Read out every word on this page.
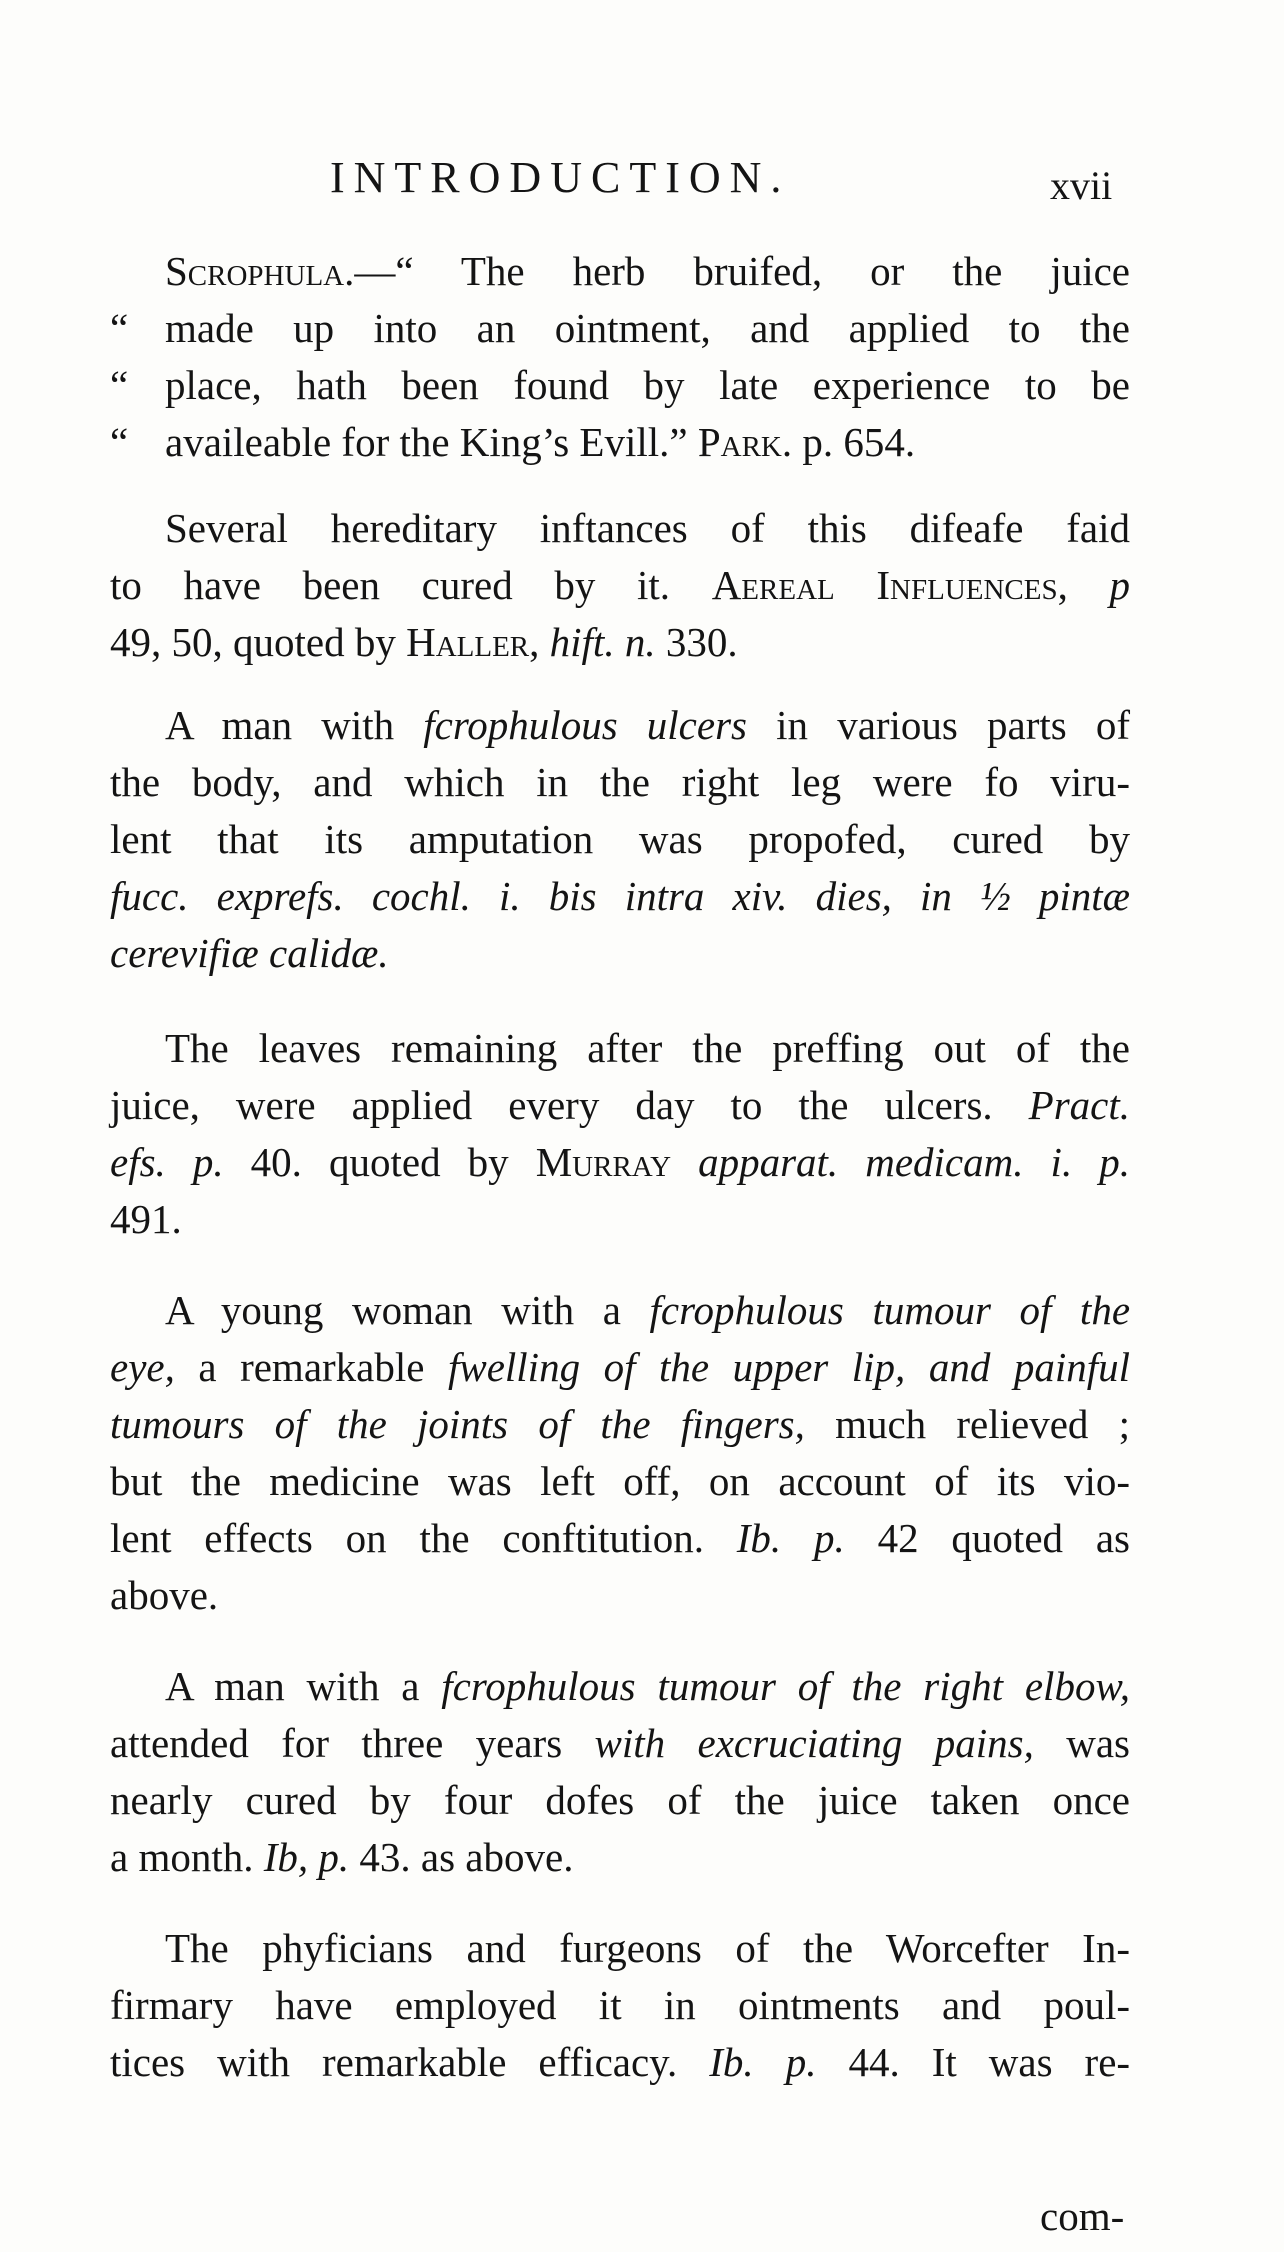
INTRODUCTION.	xvii
Scrophula.—“ The herb bruifed, or the juice
“ made up into an ointment, and applied to the
“ place, hath been found by late experience to be
“ availeable for the King’s Evill.” Park. p. 654.
Several hereditary inftances of this difeafe faid
to have been cured by it. Aereal Influences, p
49, 50, quoted by Haller, hift. n. 330.
A man with fcrophulous ulcers in various parts of
the body, and which in the right leg were fo viru-
lent that its amputation was propofed, cured by
fucc. exprefs. cochl. i. bis intra xiv. dies, in ½ pintæ
cerevifiæ calidæ.
The leaves remaining after the preffing out of the
juice, were applied every day to the ulcers. Pract.
efs. p. 40. quoted by Murray apparat. medicam. i. p.
491.
A young woman with a fcrophulous tumour of the
eye, a remarkable fwelling of the upper lip, and painful
tumours of the joints of the fingers, much relieved ;
but the medicine was left off, on account of its vio-
lent effects on the conftitution. Ib. p. 42 quoted as
above.
A man with a fcrophulous tumour of the right elbow,
attended for three years with excruciating pains, was
nearly cured by four dofes of the juice taken once
a month. Ib, p. 43. as above.
The phyficians and furgeons of the Worcefter In-
firmary have employed it in ointments and poul-
tices with remarkable efficacy. Ib. p. 44. It was re-
com-
